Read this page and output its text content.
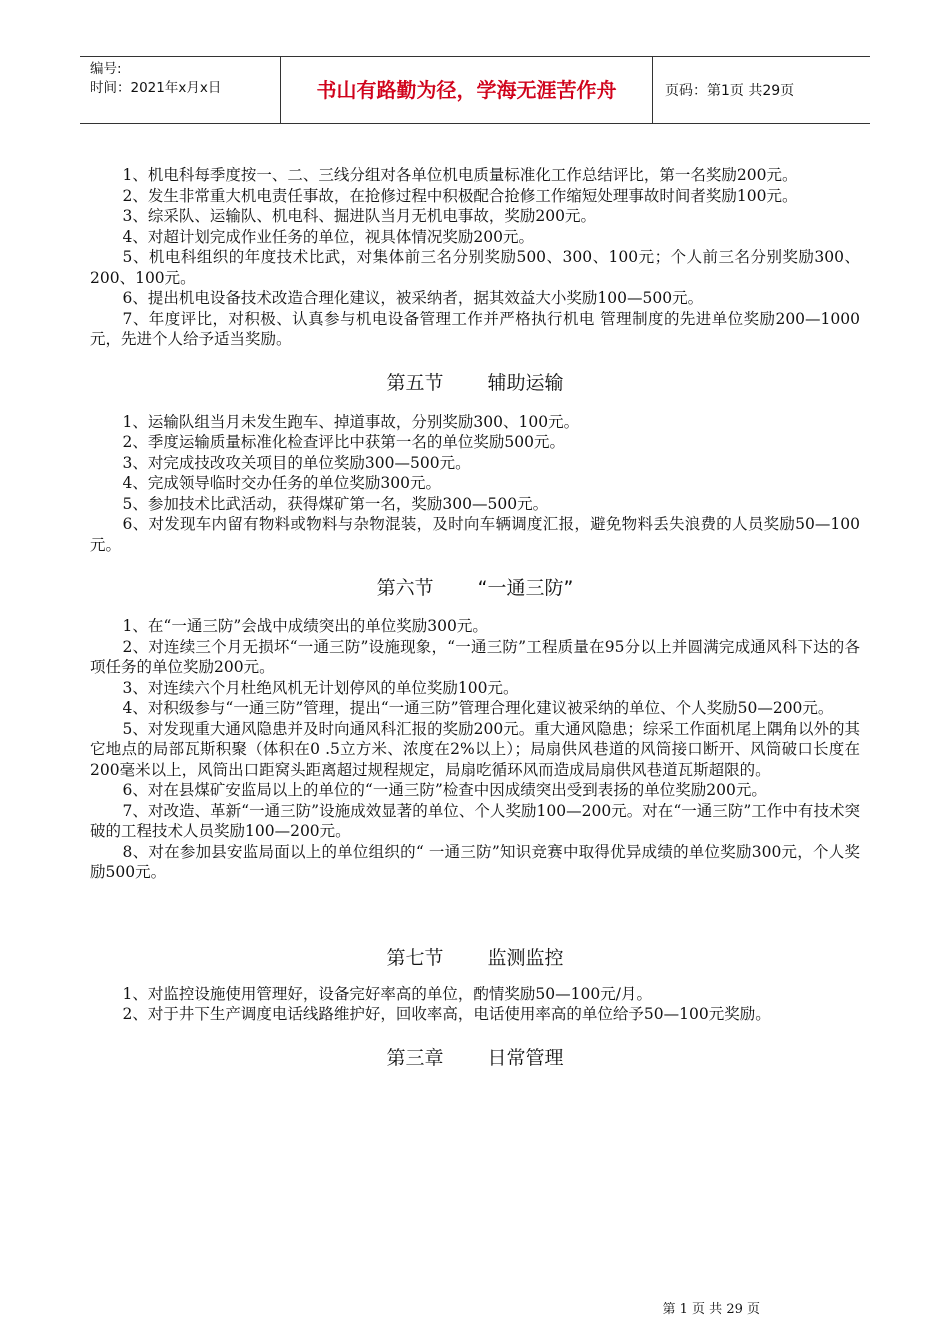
编号:
时间：2021年x月x日	书山有路勤为径，学海无涯苦作舟	页码：第1页 共29页

1、机电科每季度按一、二、三线分组对各单位机电质量标准化工作总结评比，第一名奖励200元。

2、发生非常重大机电责任事故，在抢修过程中积极配合抢修工作缩短处理事故时间者奖励100元。

3、综采队、运输队、机电科、掘进队当月无机电事故，奖励200元。

4、对超计划完成作业任务的单位，视具体情况奖励200元。

5、机电科组织的年度技术比武，对集体前三名分别奖励500、300、100元；个人前三名分别奖励300、200、100元。

6、提出机电设备技术改造合理化建议，被采纳者，据其效益大小奖励100—500元。

7、年度评比，对积极、认真参与机电设备管理工作并严格执行机电 管理制度的先进单位奖励200—1000元，先进个人给予适当奖励。

第五节 辅助运输

1、运输队组当月未发生跑车、掉道事故，分别奖励300、100元。

2、季度运输质量标准化检查评比中获第一名的单位奖励500元。

3、对完成技改攻关项目的单位奖励300—500元。

4、完成领导临时交办任务的单位奖励300元。

5、参加技术比武活动，获得煤矿第一名，奖励300—500元。

6、对发现车内留有物料或物料与杂物混装，及时向车辆调度汇报，避免物料丢失浪费的人员奖励50—100元。

第六节 “一通三防”

1、在“一通三防”会战中成绩突出的单位奖励300元。

2、对连续三个月无损坏“一通三防”设施现象，“一通三防”工程质量在95分以上并圆满完成通风科下达的各项任务的单位奖励200元。

3、对连续六个月杜绝风机无计划停风的单位奖励100元。

4、对积级参与“一通三防”管理，提出“一通三防”管理合理化建议被采纳的单位、个人奖励50—200元。

5、对发现重大通风隐患并及时向通风科汇报的奖励200元。重大通风隐患；综采工作面机尾上隅角以外的其它地点的局部瓦斯积聚（体积在0 .5立方米、浓度在2%以上）；局扇供风巷道的风筒接口断开、风筒破口长度在200毫米以上，风筒出口距窝头距离超过规程规定，局扇吃循环风而造成局扇供风巷道瓦斯超限的。

6、对在县煤矿安监局以上的单位的“一通三防”检查中因成绩突出受到表扬的单位奖励200元。

7、对改造、革新“一通三防”设施成效显著的单位、个人奖励100—200元。对在“一通三防”工作中有技术突破的工程技术人员奖励100—200元。

8、对在参加县安监局面以上的单位组织的“ 一通三防”知识竞赛中取得优异成绩的单位奖励300元，个人奖励500元。

第七节 监测监控

1、对监控设施使用管理好，设备完好率高的单位，酌情奖励50—100元/月。

2、对于井下生产调度电话线路维护好，回收率高，电话使用率高的单位给予50—100元奖励。

第三章 日常管理
第 1 页 共 29 页
